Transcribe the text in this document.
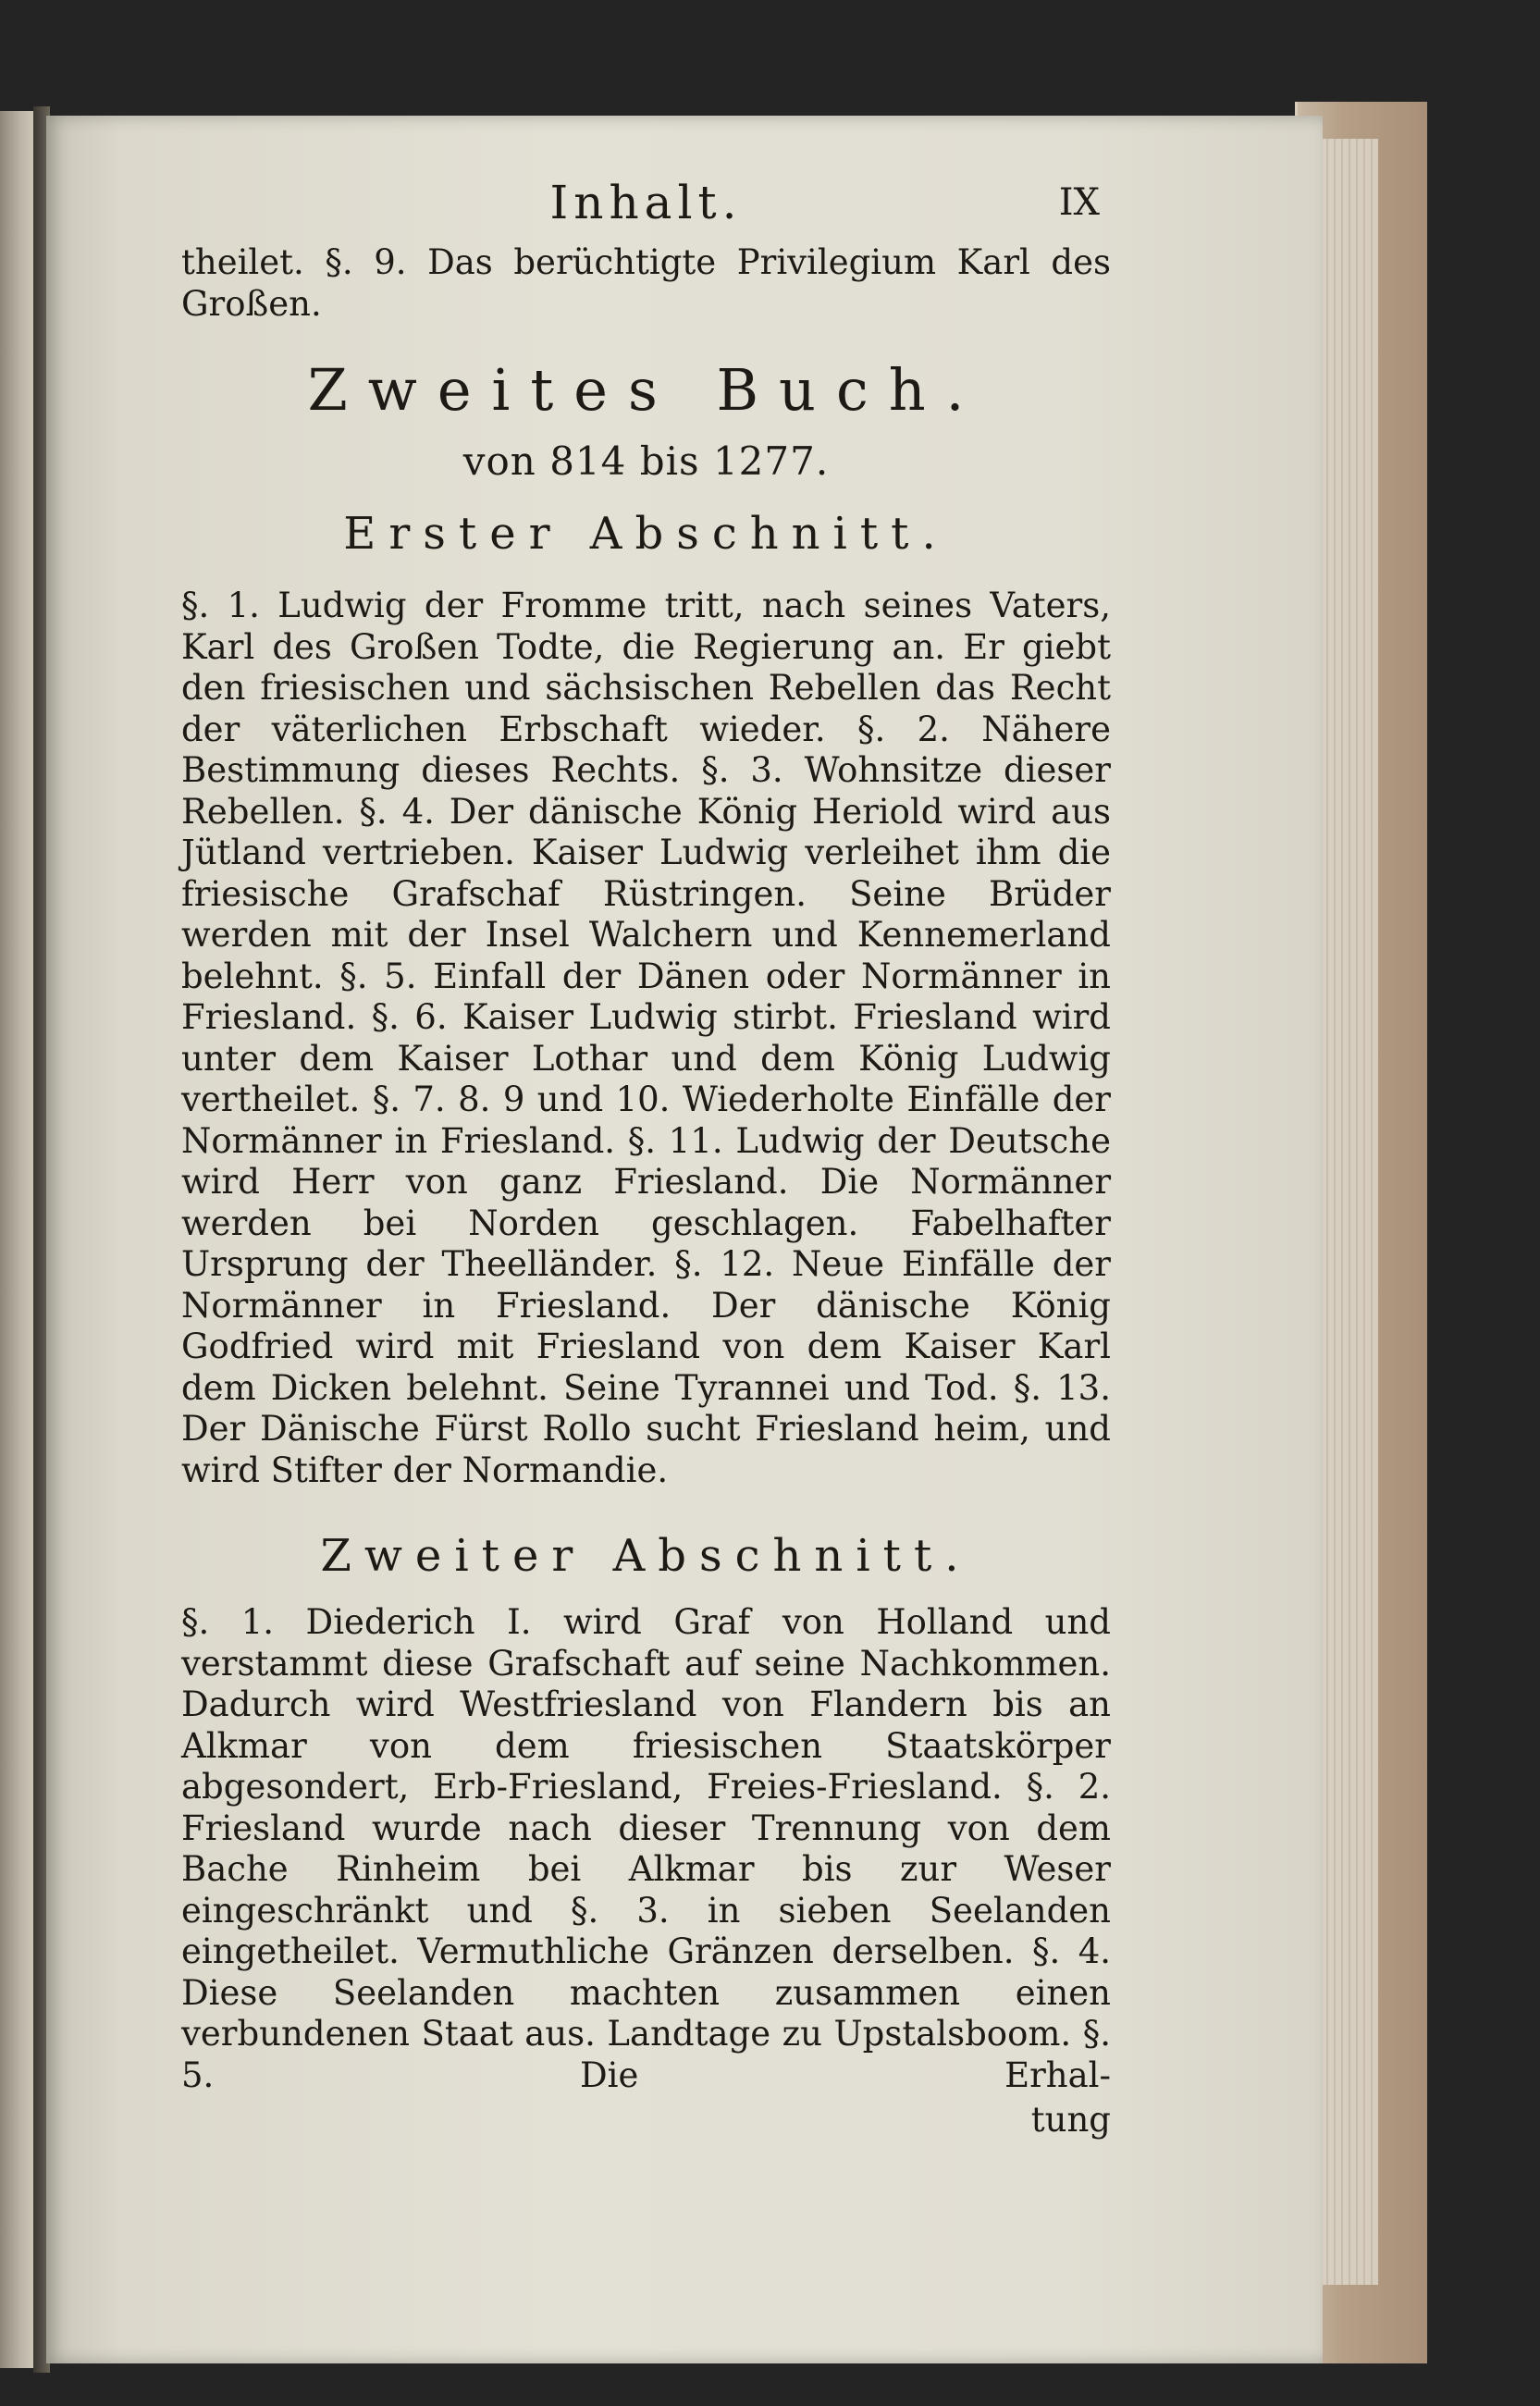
Inhalt.	IX

theilet. §. 9. Das berüchtigte Privilegium Karl des Großen.

Zweites Buch.
von 814 bis 1277.
Erster Abschnitt.

§. 1. Ludwig der Fromme tritt, nach seines Vaters, Karl des Großen Todte, die Regierung an. Er giebt den friesischen und sächsischen Rebellen das Recht der väterlichen Erbschaft wieder. §. 2. Nähere Bestimmung dieses Rechts. §. 3. Wohnsitze dieser Rebellen. §. 4. Der dänische König Heriold wird aus Jütland vertrieben. Kaiser Ludwig verleihet ihm die friesische Grafschaf Rüstringen. Seine Brüder werden mit der Insel Walchern und Kennemerland belehnt. §. 5. Einfall der Dänen oder Normänner in Friesland. §. 6. Kaiser Ludwig stirbt. Friesland wird unter dem Kaiser Lothar und dem König Ludwig vertheilet. §. 7. 8. 9 und 10. Wiederholte Einfälle der Normänner in Friesland. §. 11. Ludwig der Deutsche wird Herr von ganz Friesland. Die Normänner werden bei Norden geschlagen. Fabelhafter Ursprung der Theelländer. §. 12. Neue Einfälle der Normänner in Friesland. Der dänische König Godfried wird mit Friesland von dem Kaiser Karl dem Dicken belehnt. Seine Tyrannei und Tod. §. 13. Der Dänische Fürst Rollo sucht Friesland heim, und wird Stifter der Normandie.

Zweiter Abschnitt.

§. 1. Diederich I. wird Graf von Holland und verstammt diese Grafschaft auf seine Nachkommen. Dadurch wird Westfriesland von Flandern bis an Alkmar von dem friesischen Staatskörper abgesondert, Erb-Friesland, Freies-Friesland. §. 2. Friesland wurde nach dieser Trennung von dem Bache Rinheim bei Alkmar bis zur Weser eingeschränkt und §. 3. in sieben Seelanden eingetheilet. Vermuthliche Gränzen derselben. §. 4. Diese Seelanden machten zusammen einen verbundenen Staat aus. Landtage zu Upstalsboom. §. 5. Die Erhal-

tung
